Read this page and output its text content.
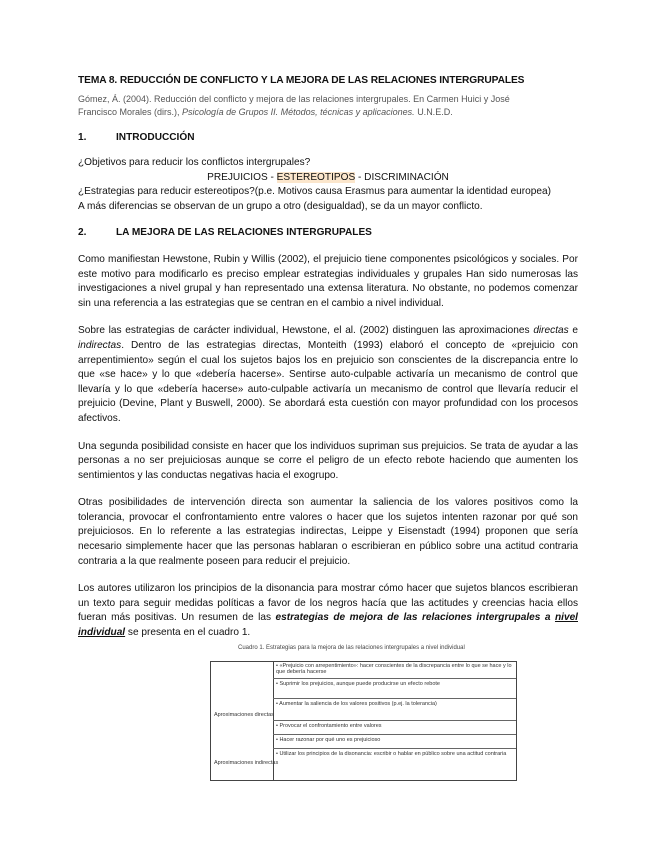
TEMA 8. REDUCCIÓN DE CONFLICTO Y LA MEJORA DE LAS RELACIONES INTERGRUPALES

Gómez, Á. (2004). Reducción del conflicto y mejora de las relaciones intergrupales. En Carmen Huici y José
Francisco Morales (dirs.), Psicología de Grupos II. Métodos, técnicas y aplicaciones. U.N.E.D.

1.	INTRODUCCIÓN

¿Objetivos para reducir los conflictos intergrupales?

PREJUICIOS - ESTEREOTIPOS - DISCRIMINACIÓN

¿Estrategias para reducir estereotipos?(p.e. Motivos causa Erasmus para aumentar la identidad europea)

A más diferencias se observan de un grupo a otro (desigualdad), se da un mayor conflicto.

2.	LA MEJORA DE LAS RELACIONES INTERGRUPALES

Como manifiestan Hewstone, Rubin y Willis (2002), el prejuicio tiene componentes psicológicos y sociales. Por este motivo para modificarlo es preciso emplear estrategias individuales y grupales Han sido numerosas las investigaciones a nivel grupal y han representado una extensa literatura. No obstante, no podemos comenzar sin una referencia a las estrategias que se centran en el cambio a nivel individual.

Sobre las estrategias de carácter individual, Hewstone, el al. (2002) distinguen las aproximaciones directas e indirectas. Dentro de las estrategias directas, Monteith (1993) elaboró el concepto de «prejuicio con arrepentimiento» según el cual los sujetos bajos los en prejuicio son conscientes de la discrepancia entre lo que «se hace» y lo que «debería hacerse». Sentirse auto-culpable activaría un mecanismo de control que llevaría y lo que «debería hacerse» auto-culpable activaría un mecanismo de control que llevaría reducir el prejuicio (Devine, Plant y Buswell, 2000). Se abordará esta cuestión con mayor profundidad con los procesos afectivos.

Una segunda posibilidad consiste en hacer que los individuos supriman sus prejuicios. Se trata de ayudar a las personas a no ser prejuiciosas aunque se corre el peligro de un efecto rebote haciendo que aumenten los sentimientos y las conductas negativas hacia el exogrupo.

Otras posibilidades de intervención directa son aumentar la saliencia de los valores positivos como la tolerancia, provocar el confrontamiento entre valores o hacer que los sujetos intenten razonar por qué son prejuiciosos. En lo referente a las estrategias indirectas, Leippe y Eisenstadt (1994) proponen que sería necesario simplemente hacer que las personas hablaran o escribieran en público sobre una actitud contraria contraria a la que realmente poseen para reducir el prejuicio.

Los autores utilizaron los principios de la disonancia para mostrar cómo hacer que sujetos blancos escribieran un texto para seguir medidas políticas a favor de los negros hacía que las actitudes y creencias hacia ellos fueran más positivas. Un resumen de las estrategias de mejora de las relaciones intergrupales a nivel individual se presenta en el cuadro 1.

Cuadro 1. Estrategias para la mejora de las relaciones intergrupales a nivel individual
Aproximaciones directas
Aproximaciones indirectas
• «Prejuicio con arrepentimiento»: hacer conscientes de la discrepancia entre lo que se hace y lo que debería hacerse
• Suprimir los prejuicios, aunque puede producirse un efecto rebote
• Aumentar la saliencia de los valores positivos (p.ej. la tolerancia)
• Provocar el confrontamiento entre valores
• Hacer razonar por qué uno es prejuicioso
• Utilizar los principios de la disonancia: escribir o hablar en público sobre una actitud contraria
